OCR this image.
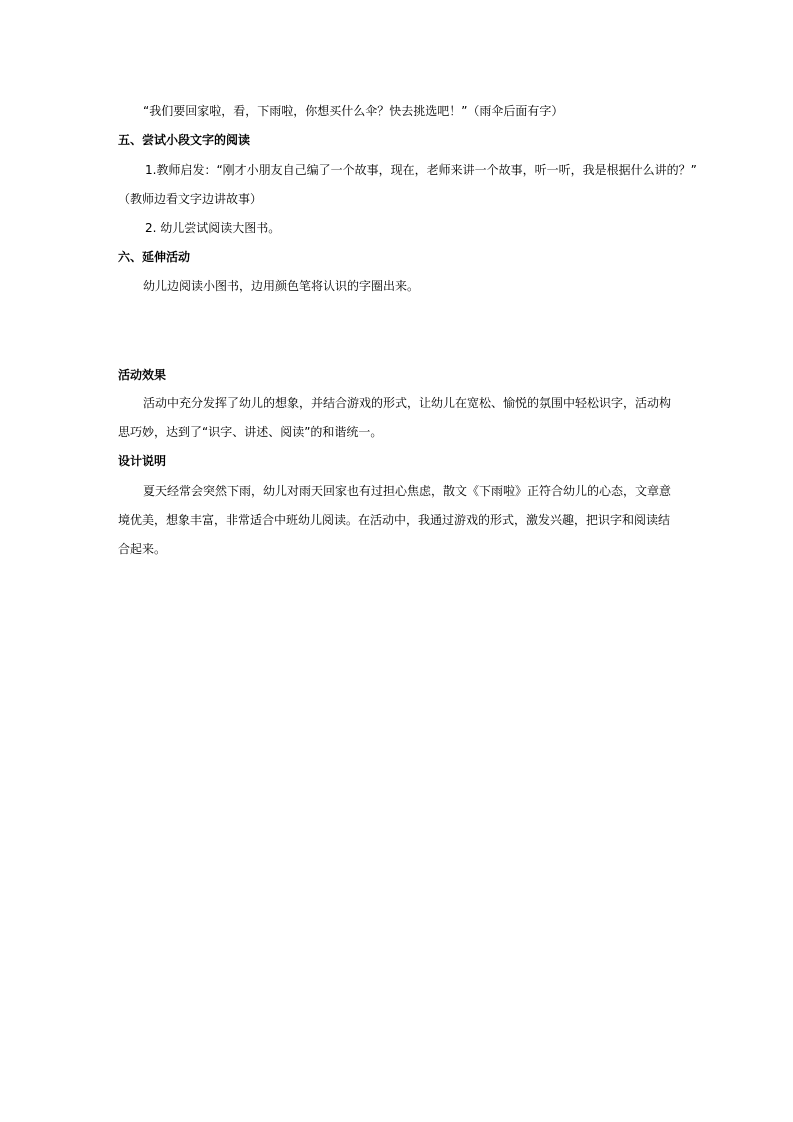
“我们要回家啦，看，下雨啦，你想买什么伞？快去挑选吧！”（雨伞后面有字）
五、尝试小段文字的阅读
1.教师启发：“刚才小朋友自己编了一个故事，现在，老师来讲一个故事，听一听，我是根据什么讲的？”
（教师边看文字边讲故事）
2. 幼儿尝试阅读大图书。
六、延伸活动
幼儿边阅读小图书，边用颜色笔将认识的字圈出来。
活动效果
活动中充分发挥了幼儿的想象，并结合游戏的形式，让幼儿在宽松、愉悦的氛围中轻松识字，活动构
思巧妙，达到了“识字、讲述、阅读”的和谐统一。
设计说明
夏天经常会突然下雨，幼儿对雨天回家也有过担心焦虑，散文《下雨啦》正符合幼儿的心态，文章意
境优美，想象丰富，非常适合中班幼儿阅读。在活动中，我通过游戏的形式，激发兴趣，把识字和阅读结
合起来。
